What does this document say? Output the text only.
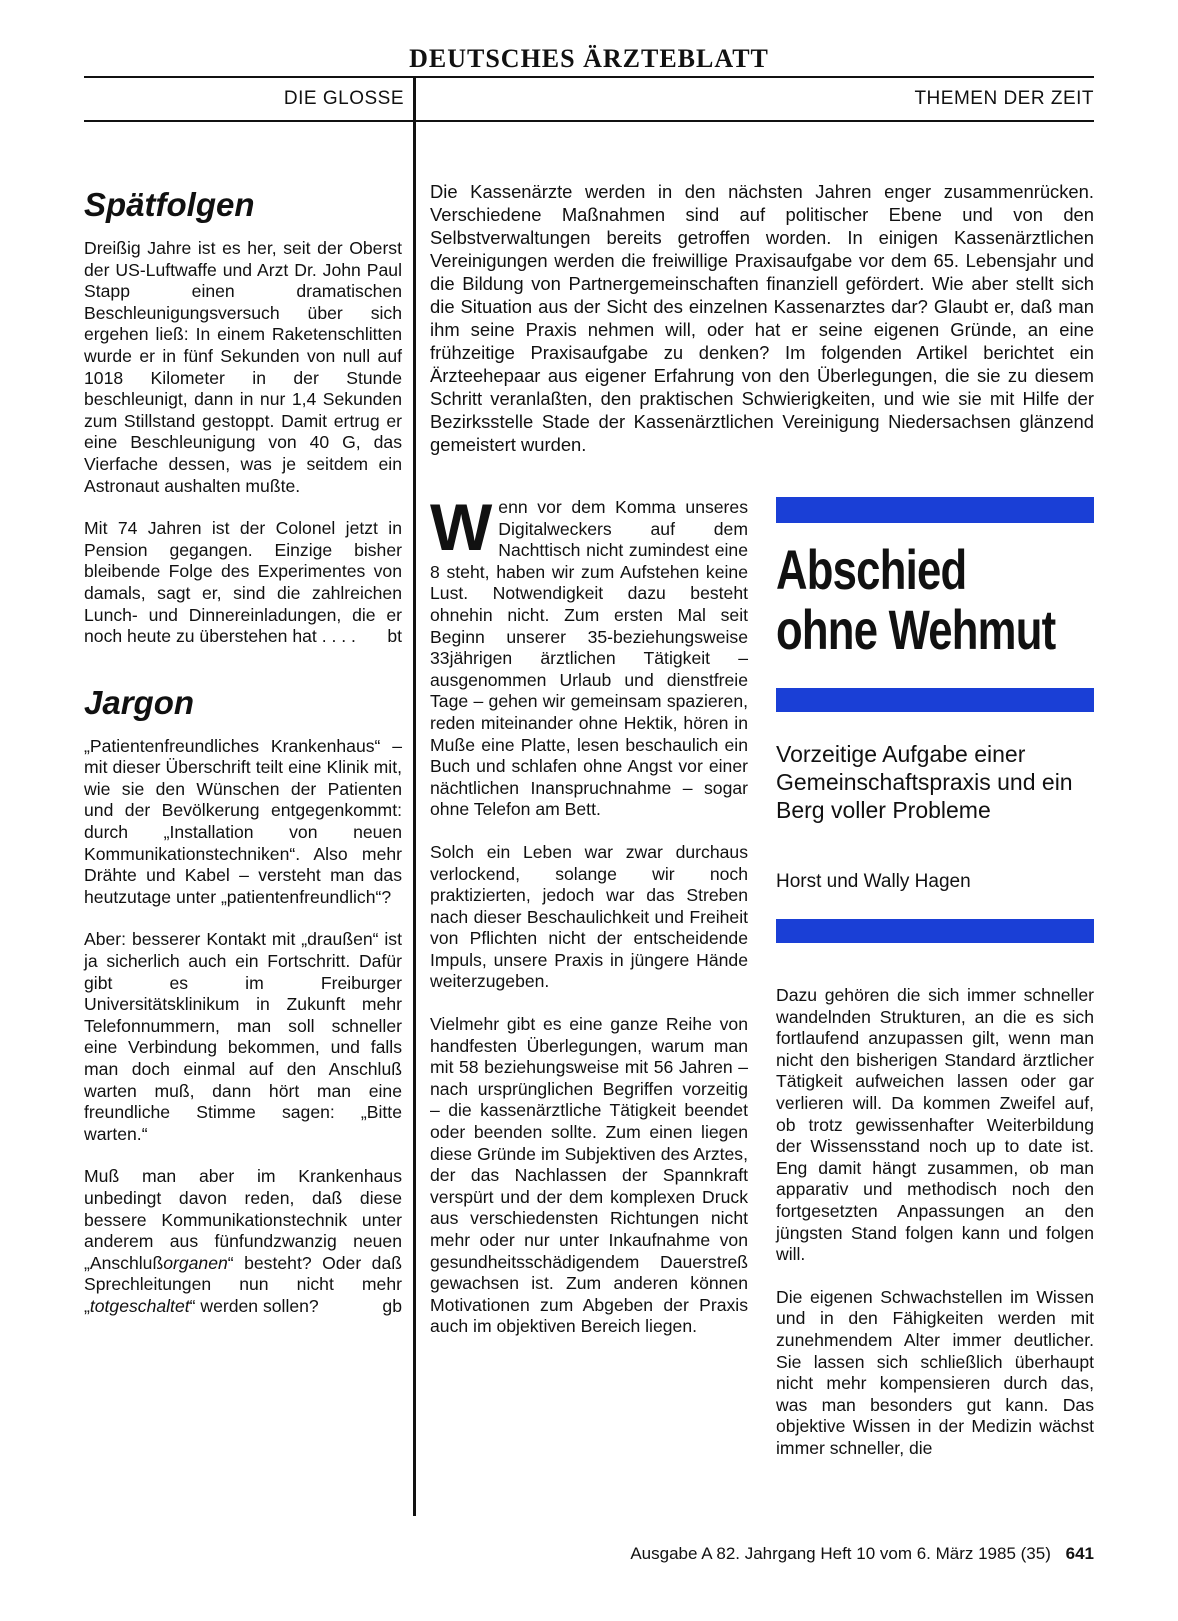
DEUTSCHES ÄRZTEBLATT
DIE GLOSSE	THEMEN DER ZEIT
Spätfolgen

Dreißig Jahre ist es her, seit der Oberst der US-Luftwaffe und Arzt Dr. John Paul Stapp einen dramatischen Beschleunigungsversuch über sich ergehen ließ: In einem Raketenschlitten wurde er in fünf Sekunden von null auf 1018 Kilometer in der Stunde beschleunigt, dann in nur 1,4 Sekunden zum Stillstand gestoppt. Damit ertrug er eine Beschleunigung von 40 G, das Vierfache dessen, was je seitdem ein Astronaut aushalten mußte.

Mit 74 Jahren ist der Colonel jetzt in Pension gegangen. Einzige bisher bleibende Folge des Experimentes von damals, sagt er, sind die zahlreichen Lunch- und Dinnereinladungen, die er noch heute zu überstehen hat . . . . bt

Jargon

„Patientenfreundliches Krankenhaus“ – mit dieser Überschrift teilt eine Klinik mit, wie sie den Wünschen der Patienten und der Bevölkerung entgegenkommt: durch „Installation von neuen Kommunikationstechniken“. Also mehr Drähte und Kabel – versteht man das heutzutage unter „patientenfreundlich“?

Aber: besserer Kontakt mit „draußen“ ist ja sicherlich auch ein Fortschritt. Dafür gibt es im Freiburger Universitätsklinikum in Zukunft mehr Telefonnummern, man soll schneller eine Verbindung bekommen, und falls man doch einmal auf den Anschluß warten muß, dann hört man eine freundliche Stimme sagen: „Bitte warten.“

Muß man aber im Krankenhaus unbedingt davon reden, daß diese bessere Kommunikationstechnik unter anderem aus fünfundzwanzig neuen „Anschlußorganen“ besteht? Oder daß Sprechleitungen nun nicht mehr „totgeschaltet“ werden sollen?	gb

Die Kassenärzte werden in den nächsten Jahren enger zusammenrücken. Verschiedene Maßnahmen sind auf politischer Ebene und von den Selbstverwaltungen bereits getroffen worden. In einigen Kassenärztlichen Vereinigungen werden die freiwillige Praxisaufgabe vor dem 65. Lebensjahr und die Bildung von Partnergemeinschaften finanziell gefördert. Wie aber stellt sich die Situation aus der Sicht des einzelnen Kassenarztes dar? Glaubt er, daß man ihm seine Praxis nehmen will, oder hat er seine eigenen Gründe, an eine frühzeitige Praxisaufgabe zu denken? Im folgenden Artikel berichtet ein Ärzteehepaar aus eigener Erfahrung von den Überlegungen, die sie zu diesem Schritt veranlaßten, den praktischen Schwierigkeiten, und wie sie mit Hilfe der Bezirksstelle Stade der Kassenärztlichen Vereinigung Niedersachsen glänzend gemeistert wurden.

Wenn vor dem Komma unseres Digitalweckers auf dem Nachttisch nicht zumindest eine 8 steht, haben wir zum Aufstehen keine Lust. Notwendigkeit dazu besteht ohnehin nicht. Zum ersten Mal seit Beginn unserer 35-beziehungsweise 33jährigen ärztlichen Tätigkeit – ausgenommen Urlaub und dienstfreie Tage – gehen wir gemeinsam spazieren, reden miteinander ohne Hektik, hören in Muße eine Platte, lesen beschaulich ein Buch und schlafen ohne Angst vor einer nächtlichen Inanspruchnahme – sogar ohne Telefon am Bett.

Solch ein Leben war zwar durchaus verlockend, solange wir noch praktizierten, jedoch war das Streben nach dieser Beschaulichkeit und Freiheit von Pflichten nicht der entscheidende Impuls, unsere Praxis in jüngere Hände weiterzugeben.

Vielmehr gibt es eine ganze Reihe von handfesten Überlegungen, warum man mit 58 beziehungsweise mit 56 Jahren – nach ursprünglichen Begriffen vorzeitig – die kassenärztliche Tätigkeit beendet oder beenden sollte. Zum einen liegen diese Gründe im Subjektiven des Arztes, der das Nachlassen der Spannkraft verspürt und der dem komplexen Druck aus verschiedensten Richtungen nicht mehr oder nur unter Inkaufnahme von gesundheitsschädigendem Dauerstreß gewachsen ist. Zum anderen können Motivationen zum Abgeben der Praxis auch im objektiven Bereich liegen.

Abschied
ohne Wehmut
Vorzeitige Aufgabe einer Gemeinschaftspraxis und ein Berg voller Probleme
Horst und Wally Hagen

Dazu gehören die sich immer schneller wandelnden Strukturen, an die es sich fortlaufend anzupassen gilt, wenn man nicht den bisherigen Standard ärztlicher Tätigkeit aufweichen lassen oder gar verlieren will. Da kommen Zweifel auf, ob trotz gewissenhafter Weiterbildung der Wissensstand noch up to date ist. Eng damit hängt zusammen, ob man apparativ und methodisch noch den fortgesetzten Anpassungen an den jüngsten Stand folgen kann und folgen will.

Die eigenen Schwachstellen im Wissen und in den Fähigkeiten werden mit zunehmendem Alter immer deutlicher. Sie lassen sich schließlich überhaupt nicht mehr kompensieren durch das, was man besonders gut kann. Das objektive Wissen in der Medizin wächst immer schneller, die

Ausgabe A 82. Jahrgang Heft 10 vom 6. März 1985 (35) 641
